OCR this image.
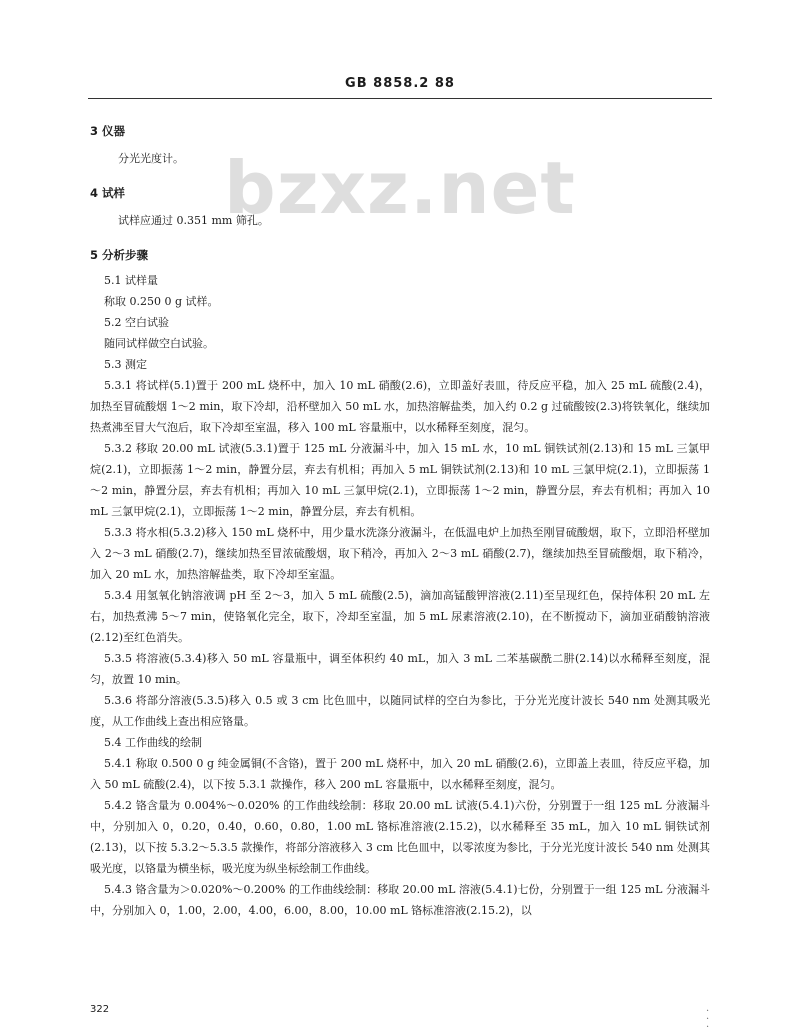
GB 8858.2 88
bzxz.net
3 仪器
分光光度计。
4 试样
试样应通过 0.351 mm 筛孔。
5 分析步骤
5.1 试样量
称取 0.250 0 g 试样。
5.2 空白试验
随同试样做空白试验。
5.3 测定
5.3.1 将试样(5.1)置于 200 mL 烧杯中，加入 10 mL 硝酸(2.6)，立即盖好表皿，待反应平稳，加入 25 mL 硫酸(2.4)，加热至冒硫酸烟 1～2 min，取下冷却，沿杯壁加入 50 mL 水，加热溶解盐类，加入约 0.2 g 过硫酸铵(2.3)将铁氧化，继续加热煮沸至冒大气泡后，取下冷却至室温，移入 100 mL 容量瓶中，以水稀释至刻度，混匀。
5.3.2 移取 20.00 mL 试液(5.3.1)置于 125 mL 分液漏斗中，加入 15 mL 水，10 mL 铜铁试剂(2.13)和 15 mL 三氯甲烷(2.1)，立即振荡 1～2 min，静置分层，弃去有机相；再加入 5 mL 铜铁试剂(2.13)和 10 mL 三氯甲烷(2.1)，立即振荡 1～2 min，静置分层，弃去有机相；再加入 10 mL 三氯甲烷(2.1)，立即振荡 1～2 min，静置分层，弃去有机相；再加入 10 mL 三氯甲烷(2.1)，立即振荡 1～2 min，静置分层，弃去有机相。
5.3.3 将水相(5.3.2)移入 150 mL 烧杯中，用少量水洗涤分液漏斗，在低温电炉上加热至刚冒硫酸烟，取下，立即沿杯壁加入 2～3 mL 硝酸(2.7)，继续加热至冒浓硫酸烟，取下稍冷，再加入 2～3 mL 硝酸(2.7)，继续加热至冒硫酸烟，取下稍冷，加入 20 mL 水，加热溶解盐类，取下冷却至室温。
5.3.4 用氢氧化钠溶液调 pH 至 2～3，加入 5 mL 硫酸(2.5)，滴加高锰酸钾溶液(2.11)至呈现红色，保持体积 20 mL 左右，加热煮沸 5～7 min，使铬氧化完全，取下，冷却至室温，加 5 mL 尿素溶液(2.10)，在不断搅动下，滴加亚硝酸钠溶液(2.12)至红色消失。
5.3.5 将溶液(5.3.4)移入 50 mL 容量瓶中，调至体积约 40 mL，加入 3 mL 二苯基碳酰二肼(2.14)以水稀释至刻度，混匀，放置 10 min。
5.3.6 将部分溶液(5.3.5)移入 0.5 或 3 cm 比色皿中，以随同试样的空白为参比，于分光光度计波长 540 nm 处测其吸光度，从工作曲线上查出相应铬量。
5.4 工作曲线的绘制
5.4.1 称取 0.500 0 g 纯金属铜(不含铬)，置于 200 mL 烧杯中，加入 20 mL 硝酸(2.6)，立即盖上表皿，待反应平稳，加入 50 mL 硫酸(2.4)，以下按 5.3.1 款操作，移入 200 mL 容量瓶中，以水稀释至刻度，混匀。
5.4.2 铬含量为 0.004%～0.020% 的工作曲线绘制：移取 20.00 mL 试液(5.4.1)六份，分别置于一组 125 mL 分液漏斗中，分别加入 0，0.20，0.40，0.60，0.80，1.00 mL 铬标准溶液(2.15.2)，以水稀释至 35 mL，加入 10 mL 铜铁试剂(2.13)，以下按 5.3.2～5.3.5 款操作，将部分溶液移入 3 cm 比色皿中，以零浓度为参比，于分光光度计波长 540 nm 处测其吸光度，以铬量为横坐标，吸光度为纵坐标绘制工作曲线。
5.4.3 铬含量为＞0.020%～0.200% 的工作曲线绘制：移取 20.00 mL 溶液(5.4.1)七份，分别置于一组 125 mL 分液漏斗中，分别加入 0，1.00，2.00，4.00，6.00，8.00，10.00 mL 铬标准溶液(2.15.2)，以
322	·
·
·
